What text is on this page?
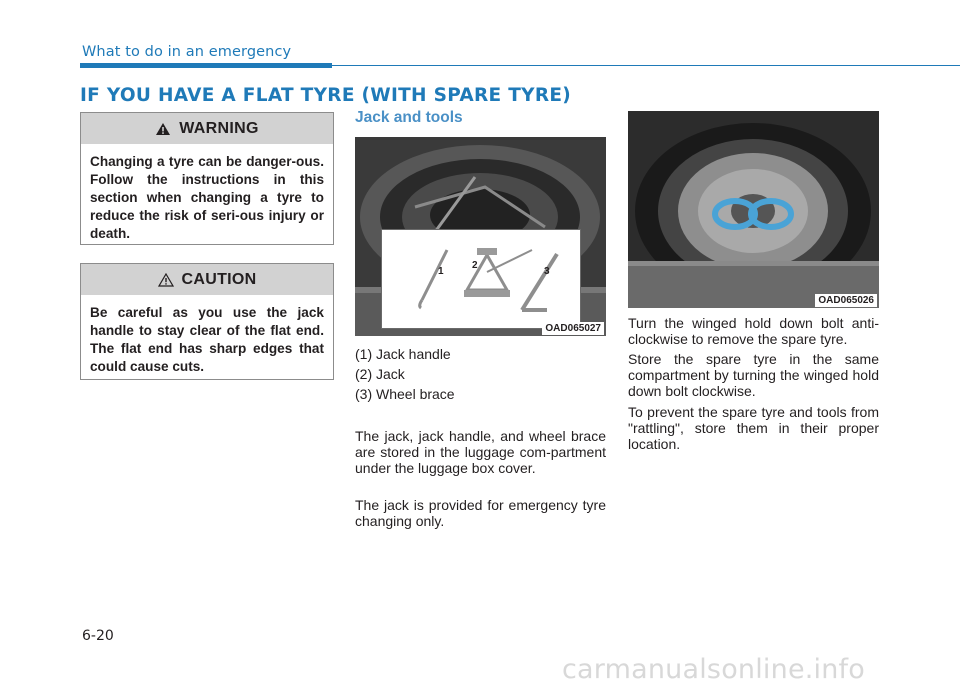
What to do in an emergency
IF YOU HAVE A FLAT TYRE (WITH SPARE TYRE)
WARNING
Changing a tyre can be danger-ous. Follow the instructions in this section when changing a tyre to reduce the risk of seri-ous injury or death.
CAUTION
Be careful as you use the jack handle to stay clear of the flat end. The flat end has sharp edges that could cause cuts.
Jack and tools
1
2
3
OAD065027
(1) Jack handle
(2) Jack
(3) Wheel brace

The jack, jack handle, and wheel brace are stored in the luggage com-partment under the luggage box cover.

The jack is provided for emergency tyre changing only.

OAD065026

Turn the winged hold down bolt anti-clockwise to remove the spare tyre.

Store the spare tyre in the same compartment by turning the winged hold down bolt clockwise.

To prevent the spare tyre and tools from "rattling", store them in their proper location.

6-20
carmanualsonline.info
